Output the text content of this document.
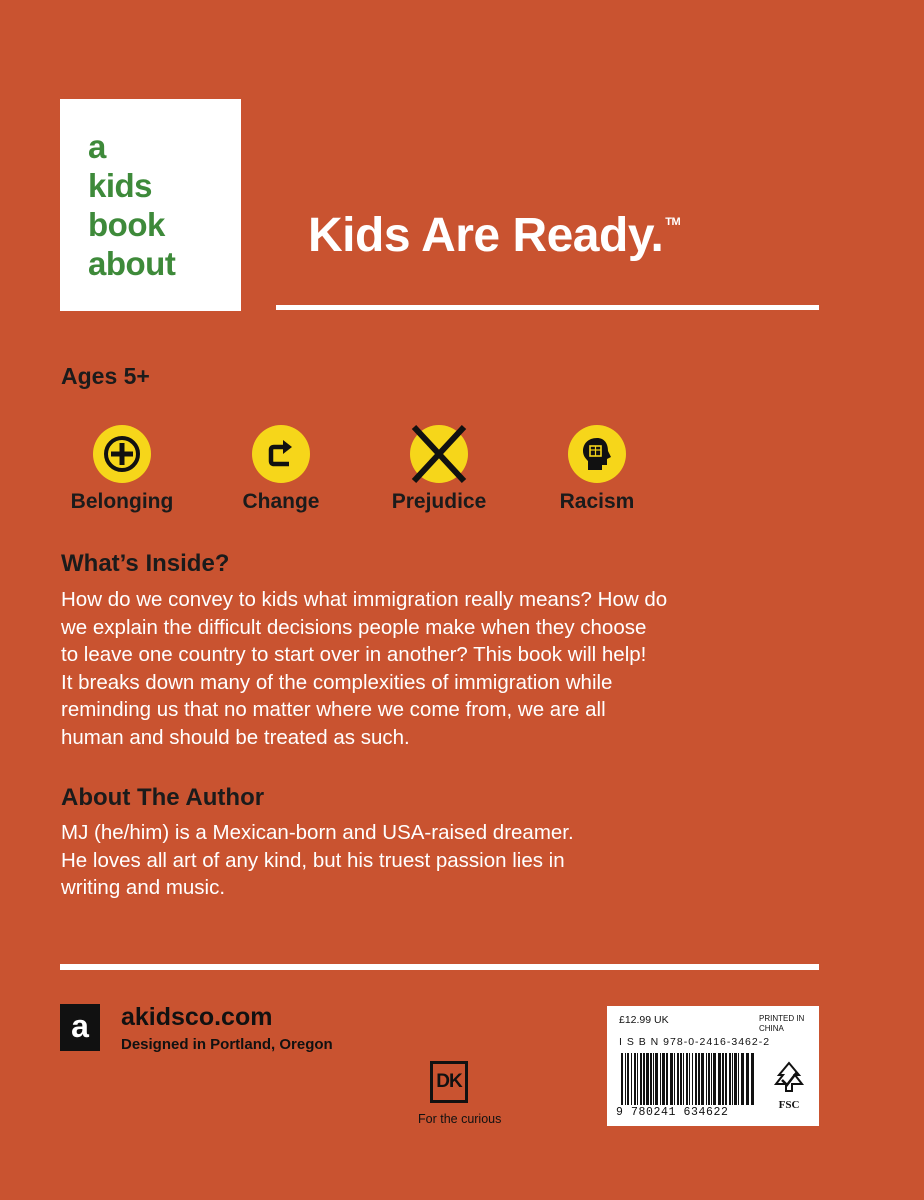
a
kids
book
about
Kids Are Ready. ™
Ages 5+
Belonging	Change	Prejudice	Racism
What’s Inside?
How do we convey to kids what immigration really means? How do
we explain the difficult decisions people make when they choose
to leave one country to start over in another? This book will help!
It breaks down many of the complexities of immigration while
reminding us that no matter where we come from, we are all
human and should be treated as such.
About The Author
MJ (he/him) is a Mexican-born and USA-raised dreamer.
He loves all art of any kind, but his truest passion lies in
writing and music.
a	akidsco.com
Designed in Portland, Oregon
DK
For the curious
£12.99 UK	PRINTED IN
CHINA
I S B N 978-0-2416-3462-2
9 780241 634622
FSC
